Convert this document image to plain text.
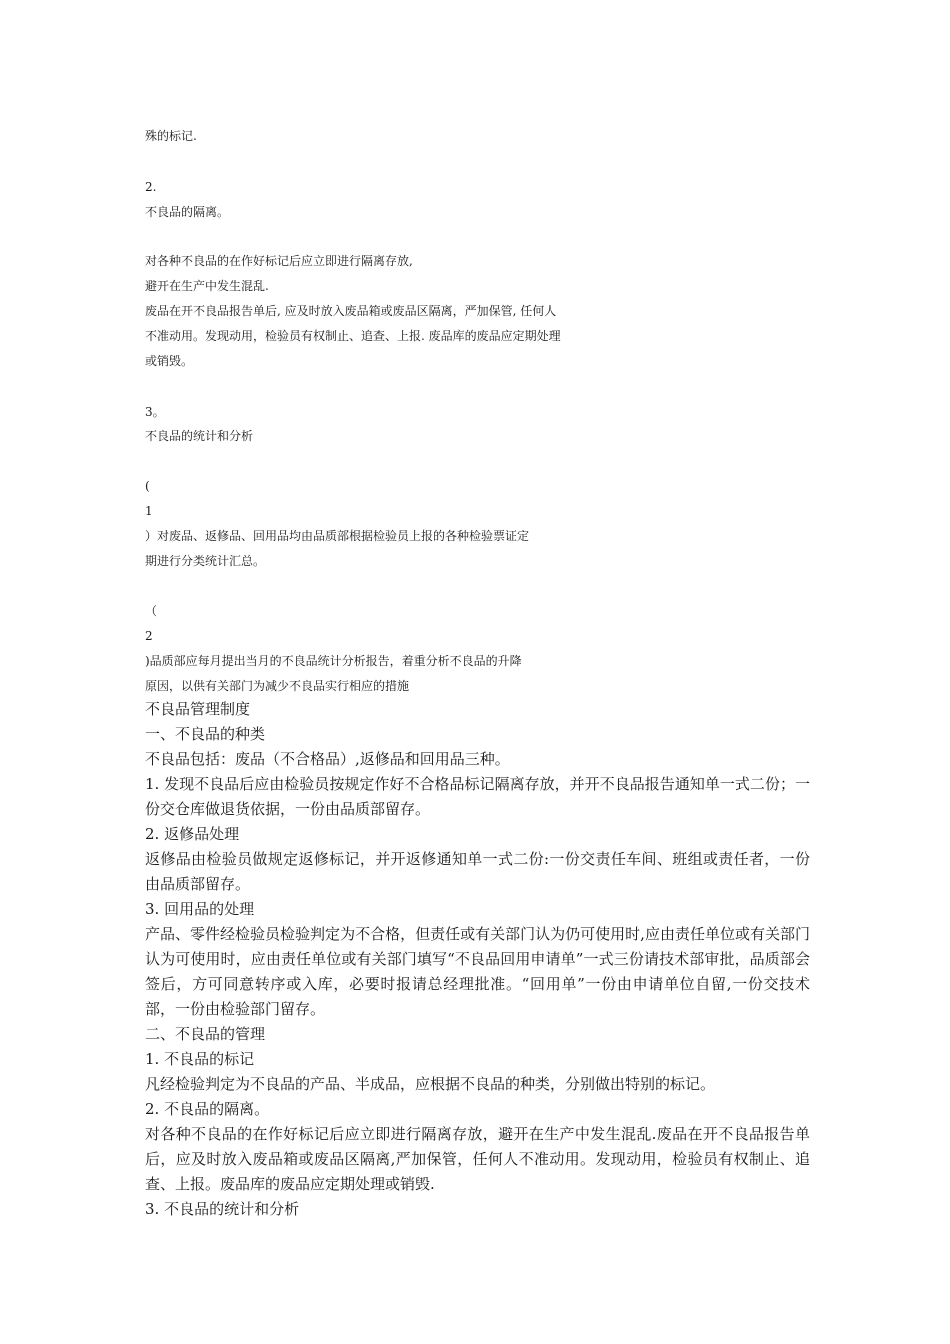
殊的标记.
2.
不良品的隔离。
对各种不良品的在作好标记后应立即进行隔离存放,
避开在生产中发生混乱.
废品在开不良品报告单后, 应及时放入废品箱或废品区隔离，严加保管, 任何人
不准动用。发现动用，检验员有权制止、追查、上报. 废品库的废品应定期处理
或销毁。
3。
不良品的统计和分析
(
1
）对废品、返修品、回用品均由品质部根据检验员上报的各种检验票证定
期进行分类统计汇总。
（
2
)品质部应每月提出当月的不良品统计分析报告，着重分析不良品的升降
原因，以供有关部门为减少不良品实行相应的措施
不良品管理制度
一、不良品的种类
不良品包括：废品（不合格品）,返修品和回用品三种。
1. 发现不良品后应由检验员按规定作好不合格品标记隔离存放，并开不良品报告通知单一式二份；一份交仓库做退货依据，一份由品质部留存。
2. 返修品处理
返修品由检验员做规定返修标记，并开返修通知单一式二份:一份交责任车间、班组或责任者，一份由品质部留存。
3. 回用品的处理
产品、零件经检验员检验判定为不合格，但责任或有关部门认为仍可使用时,应由责任单位或有关部门认为可使用时，应由责任单位或有关部门填写“不良品回用申请单”一式三份请技术部审批，品质部会签后，方可同意转序或入库，必要时报请总经理批准。“回用单”一份由申请单位自留,一份交技术部，一份由检验部门留存。
二、不良品的管理
1. 不良品的标记
凡经检验判定为不良品的产品、半成品，应根据不良品的种类，分别做出特别的标记。
2. 不良品的隔离。
对各种不良品的在作好标记后应立即进行隔离存放，避开在生产中发生混乱.废品在开不良品报告单后，应及时放入废品箱或废品区隔离,严加保管，任何人不准动用。发现动用，检验员有权制止、追查、上报。废品库的废品应定期处理或销毁.
3. 不良品的统计和分析
